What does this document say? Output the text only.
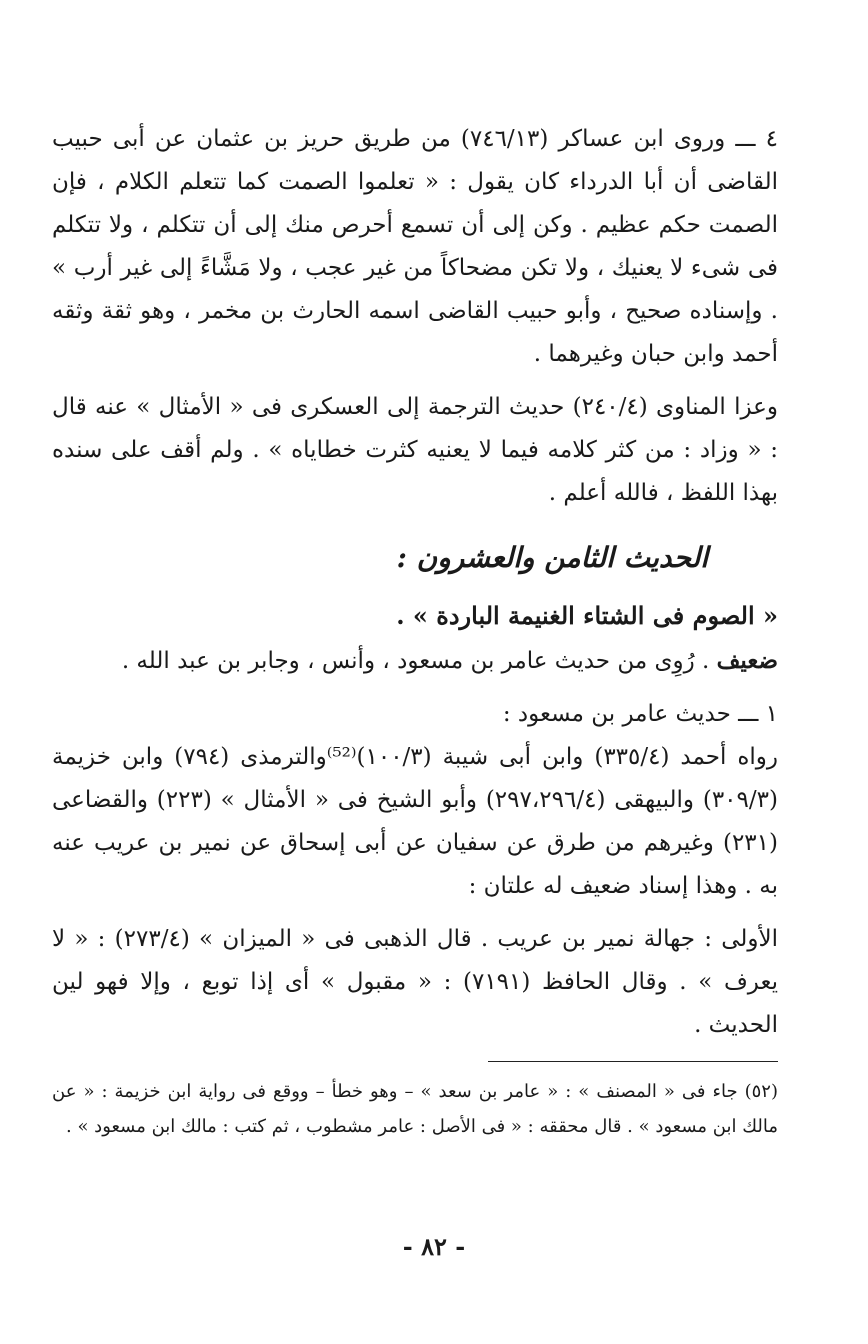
٤ ـــ وروى ابن عساكر (٧٤٦/١٣) من طريق حريز بن عثمان عن أبى حبيب القاضى أن أبا الدرداء كان يقول : « تعلموا الصمت كما تتعلم الكلام ، فإن الصمت حكم عظيم . وكن إلى أن تسمع أحرص منك إلى أن تتكلم ، ولا تتكلم فى شىء لا يعنيك ، ولا تكن مضحاكاً من غير عجب ، ولا مَشَّاءً إلى غير أرب » . وإسناده صحيح ، وأبو حبيب القاضى اسمه الحارث بن مخمر ، وهو ثقة وثقه أحمد وابن حبان وغيرهما .

وعزا المناوى (٢٤٠/٤) حديث الترجمة إلى العسكرى فى « الأمثال » عنه قال : « وزاد : من كثر كلامه فيما لا يعنيه كثرت خطاياه » . ولم أقف على سنده بهذا اللفظ ، فالله أعلم .

الحديث الثامن والعشرون :

« الصوم فى الشتاء الغنيمة الباردة » .

ضعيف . رُوِى من حديث عامر بن مسعود ، وأنس ، وجابر بن عبد الله .

١ ـــ حديث عامر بن مسعود :

رواه أحمد (٣٣٥/٤) وابن أبى شيبة (١٠٠/٣)⁽⁵²⁾والترمذى (٧٩٤) وابن خزيمة (٣٠٩/٣) والبيهقى (٢٩٧،٢٩٦/٤) وأبو الشيخ فى « الأمثال » (٢٢٣) والقضاعى (٢٣١) وغيرهم من طرق عن سفيان عن أبى إسحاق عن نمير بن عريب عنه به . وهذا إسناد ضعيف له علتان :

الأولى : جهالة نمير بن عريب . قال الذهبى فى « الميزان » (٢٧٣/٤) : « لا يعرف » . وقال الحافظ (٧١٩١) : « مقبول » أى إذا توبع ، وإلا فهو لين الحديث .

(٥٢) جاء فى « المصنف » : « عامر بن سعد » – وهو خطأ – ووقع فى رواية ابن خزيمة : « عن مالك ابن مسعود » . قال محققه : « فى الأصل : عامر مشطوب ، ثم كتب : مالك ابن مسعود » .

- ٨٢ -
